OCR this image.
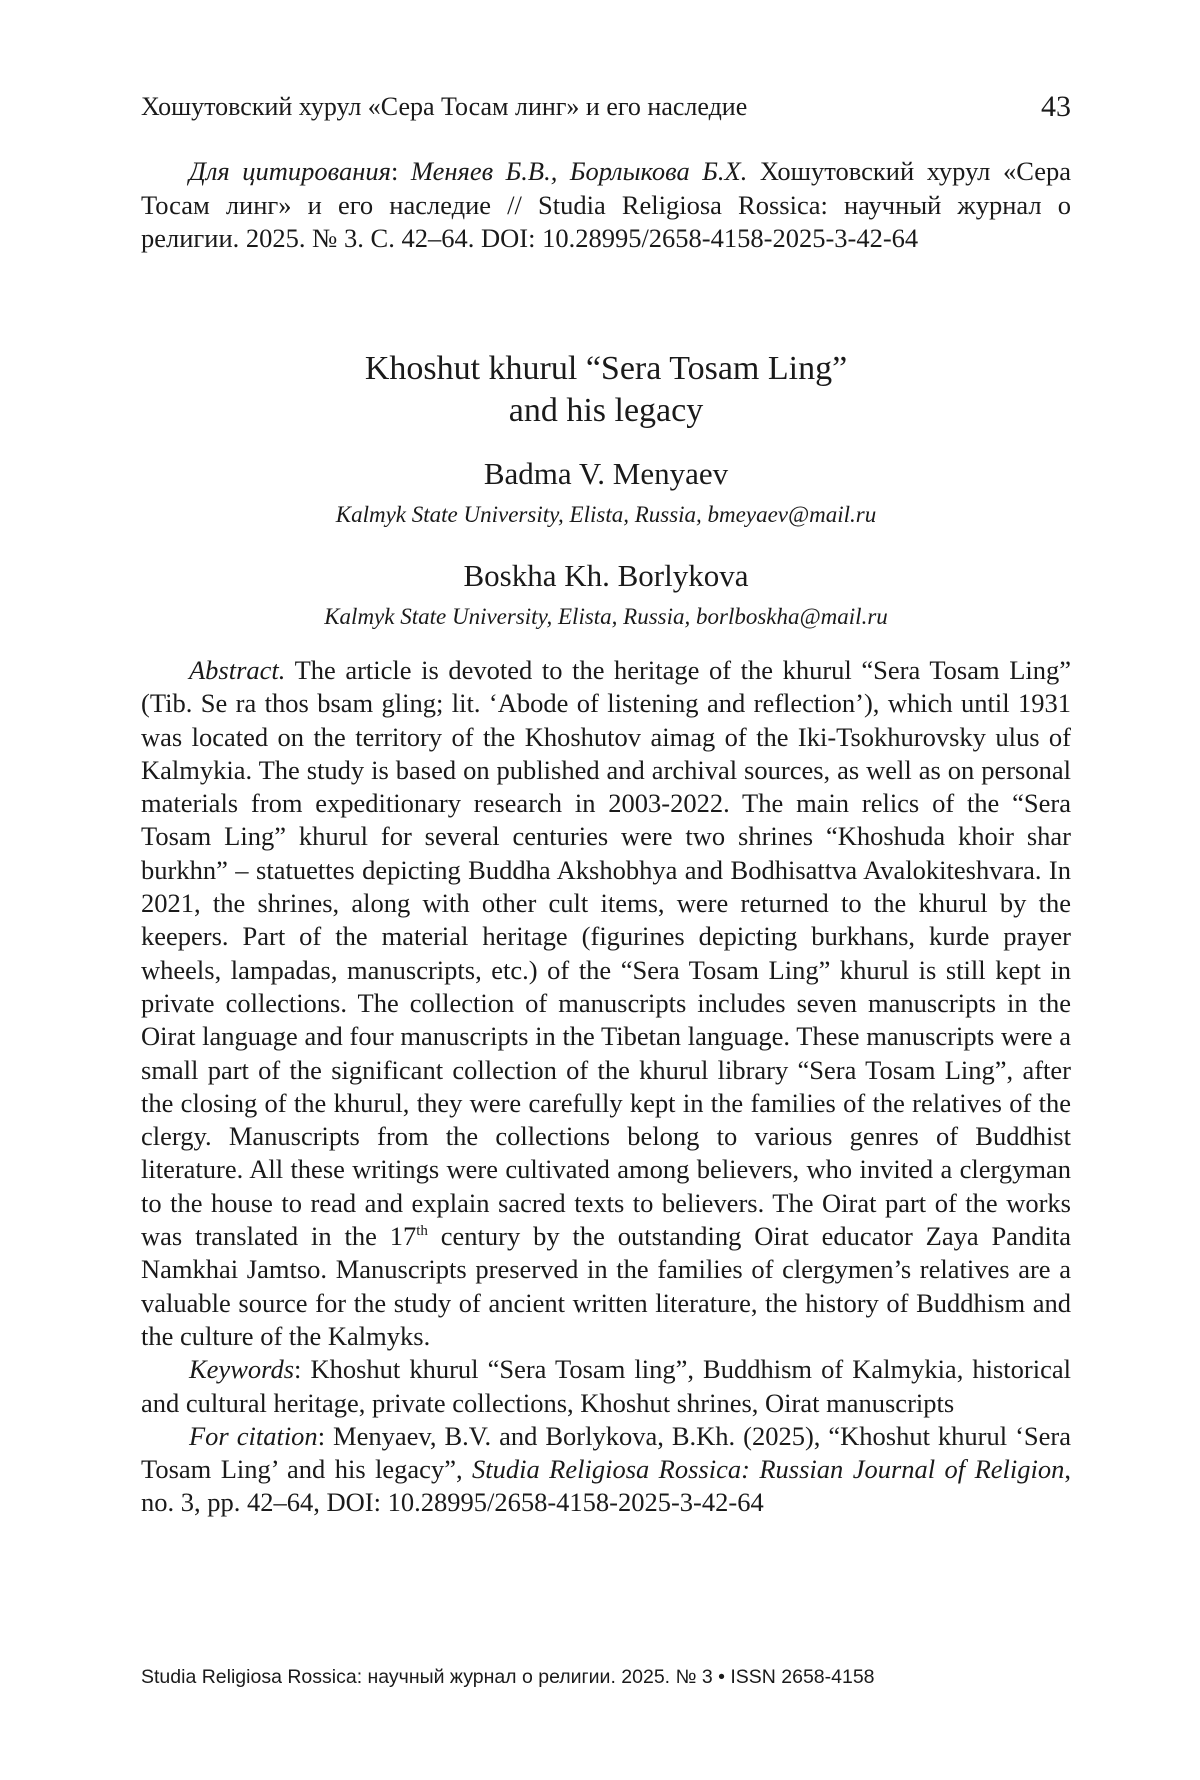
Хошутовский хурул «Сера Тосам линг» и его наследие	43
Для цитирования: Меняев Б.В., Борлыкова Б.Х. Хошутовский хурул «Сера Тосам линг» и его наследие // Studia Religiosa Rossica: научный журнал о религии. 2025. № 3. С. 42–64. DOI: 10.28995/2658-4158-2025-3-42-64
Khoshut khurul “Sera Tosam Ling”
and his legacy
Badma V. Menyaev
Kalmyk State University, Elista, Russia, bmeyaev@mail.ru
Boskha Kh. Borlykova
Kalmyk State University, Elista, Russia, borlboskha@mail.ru

Abstract. The article is devoted to the heritage of the khurul “Sera Tosam Ling” (Tib. Se ra thos bsam gling; lit. ‘Abode of listening and reflection’), which until 1931 was located on the territory of the Khoshutov aimag of the Iki-Tsokhurovsky ulus of Kalmykia. The study is based on published and archival sources, as well as on personal materials from expeditionary research in 2003-2022. The main relics of the “Sera Tosam Ling” khurul for several centuries were two shrines “Khoshuda khoir shar burkhn” – statuettes depicting Buddha Akshobhya and Bodhisattva Avalokiteshvara. In 2021, the shrines, along with other cult items, were returned to the khurul by the keepers. Part of the material heritage (figurines depicting burkhans, kurde prayer wheels, lampadas, manuscripts, etc.) of the “Sera Tosam Ling” khurul is still kept in private collections. The collection of manuscripts includes seven manuscripts in the Oirat language and four manuscripts in the Tibetan language. These manuscripts were a small part of the significant collection of the khurul library “Sera Tosam Ling”, after the closing of the khurul, they were carefully kept in the families of the relatives of the clergy. Manuscripts from the collections belong to various genres of Buddhist literature. All these writings were cultivated among believers, who invited a clergyman to the house to read and explain sacred texts to believers. The Oirat part of the works was translated in the 17th century by the outstanding Oirat educator Zaya Pandita Namkhai Jamtso. Manuscripts preserved in the families of clergymen’s relatives are a valuable source for the study of ancient written literature, the history of Buddhism and the culture of the Kalmyks.

Keywords: Khoshut khurul “Sera Tosam ling”, Buddhism of Kalmykia, historical and cultural heritage, private collections, Khoshut shrines, Oirat manuscripts

For citation: Menyaev, B.V. and Borlykova, B.Kh. (2025), “Khoshut khurul ‘Sera Tosam Ling’ and his legacy”, Studia Religiosa Rossica: Russian Journal of Religion, no. 3, pp. 42–64, DOI: 10.28995/2658-4158-2025-3-42-64

Studia Religiosa Rossica: научный журнал о религии. 2025. № 3 • ISSN 2658-4158
